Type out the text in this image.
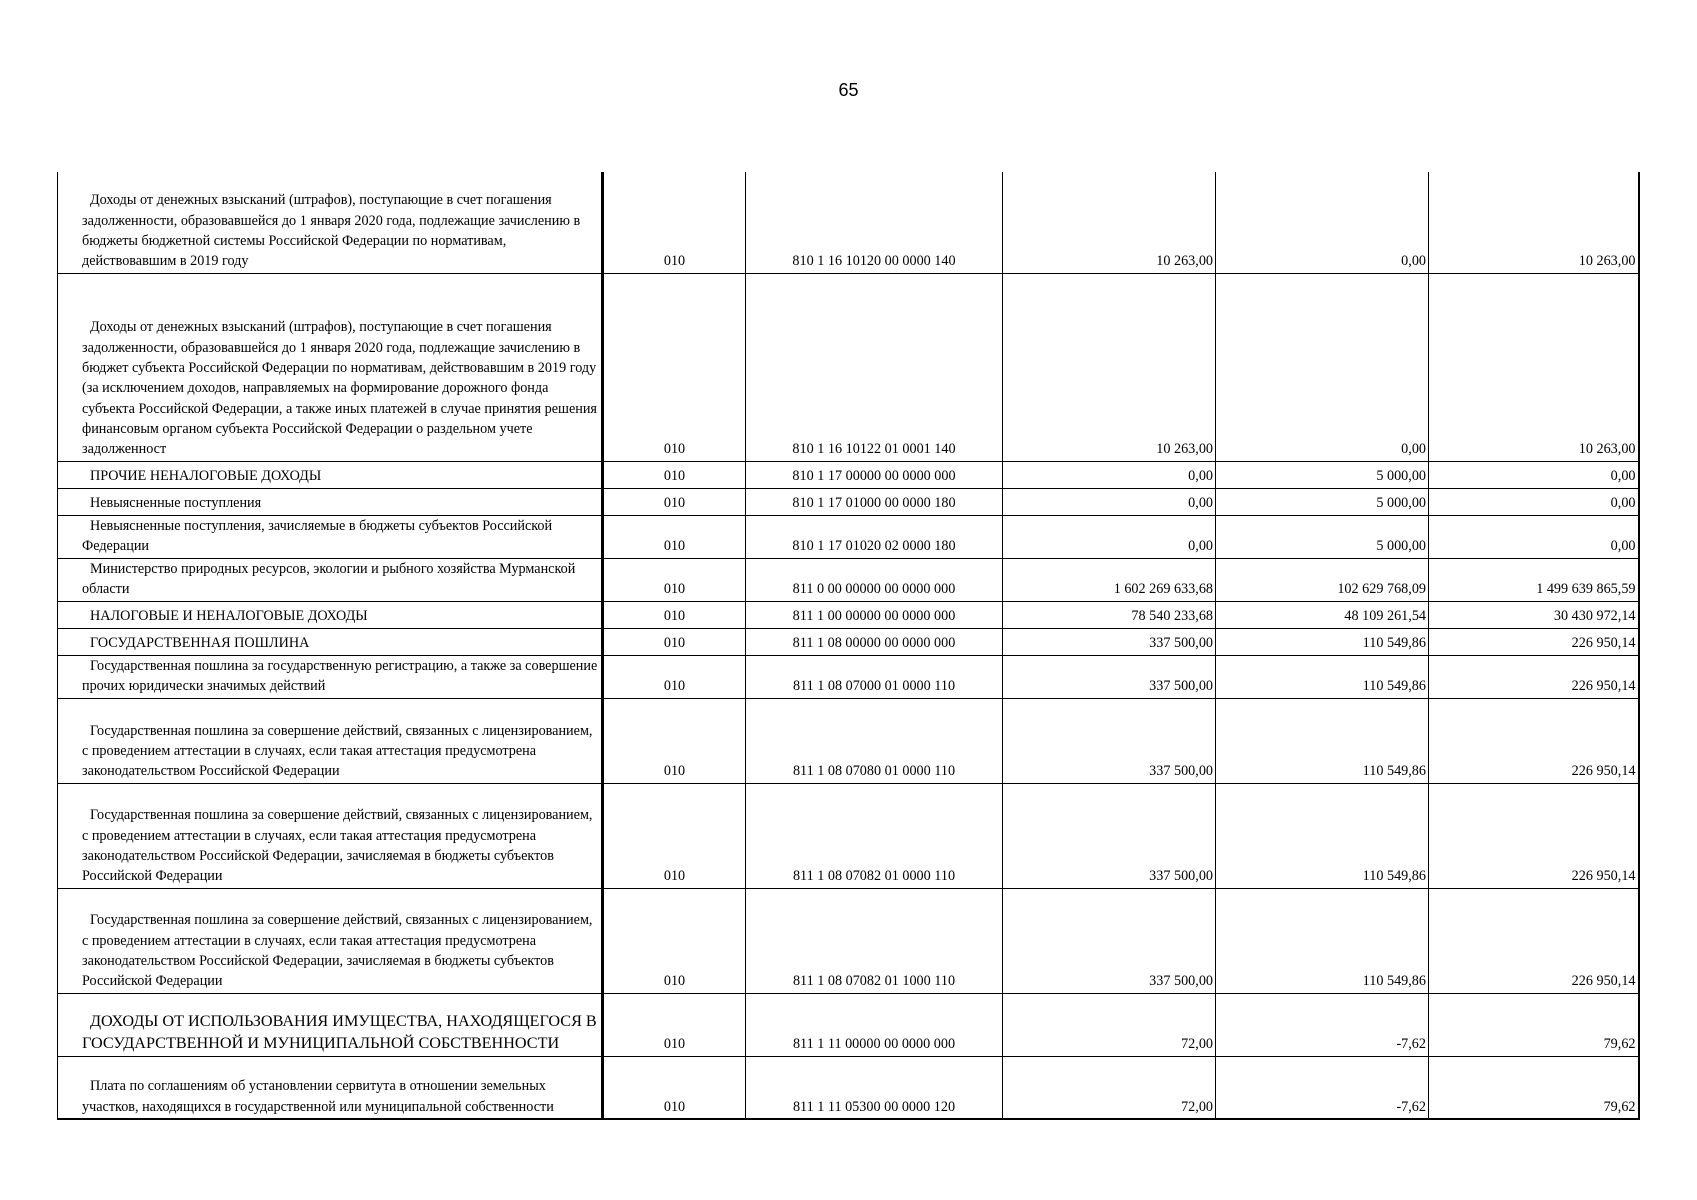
65
Доходы от денежных взысканий (штрафов), поступающие в счет погашения задолженности, образовавшейся до 1 января 2020 года, подлежащие зачислению в бюджеты бюджетной системы Российской Федерации по нормативам, действовавшим в 2019 году	010	810 1 16 10120 00 0000 140	10 263,00	0,00	10 263,00

Доходы от денежных взысканий (штрафов), поступающие в счет погашения задолженности, образовавшейся до 1 января 2020 года, подлежащие зачислению в бюджет субъекта Российской Федерации по нормативам, действовавшим в 2019 году (за исключением доходов, направляемых на формирование дорожного фонда субъекта Российской Федерации, а также иных платежей в случае принятия решения финансовым органом субъекта Российской Федерации о раздельном учете задолженност	010	810 1 16 10122 01 0001 140	10 263,00	0,00	10 263,00

ПРОЧИЕ НЕНАЛОГОВЫЕ ДОХОДЫ	010	810 1 17 00000 00 0000 000	0,00	5 000,00	0,00

Невыясненные поступления	010	810 1 17 01000 00 0000 180	0,00	5 000,00	0,00

Невыясненные поступления, зачисляемые в бюджеты субъектов Российской Федерации	010	810 1 17 01020 02 0000 180	0,00	5 000,00	0,00

Министерство природных ресурсов, экологии и рыбного хозяйства Мурманской области	010	811 0 00 00000 00 0000 000	1 602 269 633,68	102 629 768,09	1 499 639 865,59

НАЛОГОВЫЕ И НЕНАЛОГОВЫЕ ДОХОДЫ	010	811 1 00 00000 00 0000 000	78 540 233,68	48 109 261,54	30 430 972,14

ГОСУДАРСТВЕННАЯ ПОШЛИНА	010	811 1 08 00000 00 0000 000	337 500,00	110 549,86	226 950,14

Государственная пошлина за государственную регистрацию, а также за совершение прочих юридически значимых действий	010	811 1 08 07000 01 0000 110	337 500,00	110 549,86	226 950,14

Государственная пошлина за совершение действий, связанных с лицензированием, с проведением аттестации в случаях, если такая аттестация предусмотрена законодательством Российской Федерации	010	811 1 08 07080 01 0000 110	337 500,00	110 549,86	226 950,14

Государственная пошлина за совершение действий, связанных с лицензированием, с проведением аттестации в случаях, если такая аттестация предусмотрена законодательством Российской Федерации, зачисляемая в бюджеты субъектов Российской Федерации	010	811 1 08 07082 01 0000 110	337 500,00	110 549,86	226 950,14

Государственная пошлина за совершение действий, связанных с лицензированием, с проведением аттестации в случаях, если такая аттестация предусмотрена законодательством Российской Федерации, зачисляемая в бюджеты субъектов Российской Федерации	010	811 1 08 07082 01 1000 110	337 500,00	110 549,86	226 950,14

ДОХОДЫ ОТ ИСПОЛЬЗОВАНИЯ ИМУЩЕСТВА, НАХОДЯЩЕГОСЯ В ГОСУДАРСТВЕННОЙ И МУНИЦИПАЛЬНОЙ СОБСТВЕННОСТИ	010	811 1 11 00000 00 0000 000	72,00	-7,62	79,62

Плата по соглашениям об установлении сервитута в отношении земельных участков, находящихся в государственной или муниципальной собственности	010	811 1 11 05300 00 0000 120	72,00	-7,62	79,62
